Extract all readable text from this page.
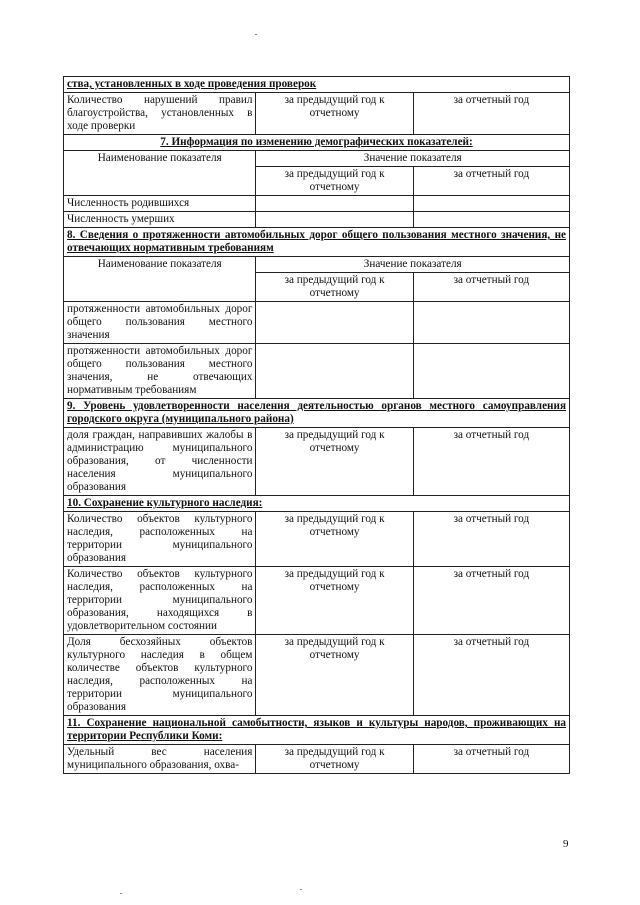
ства, установленных в ходе проведения проверок		
Количество нарушений правил благоустройства, установленных в ходе проверки	за предыдущий год к отчетному	за отчетный год
7. Информация по изменению демографических показателей:		
Наименование показателя	Значение показателя	
	за предыдущий год к отчетному	за отчетный год
Численность родившихся		
Численность умерших		
8. Сведения о протяженности автомобильных дорог общего пользования местного значения, не отвечающих нормативным требованиям		
Наименование показателя	Значение показателя	
	за предыдущий год к отчетному	за отчетный год
протяженности автомобильных дорог общего пользования местного значения		
протяженности автомобильных дорог общего пользования местного значения, не отвечающих нормативным требованиям		
9. Уровень удовлетворенности населения деятельностью органов местного самоуправления городского округа (муниципального района)		
доля граждан, направивших жалобы в администрацию муниципального образования, от численности населения муниципального образования	за предыдущий год к отчетному	за отчетный год
10. Сохранение культурного наследия:		
Количество объектов культурного наследия, расположенных на территории муниципального образования	за предыдущий год к отчетному	за отчетный год
Количество объектов культурного наследия, расположенных на территории муниципального образования, находящихся в удовлетворительном состоянии	за предыдущий год к отчетному	за отчетный год
Доля бесхозяйных объектов культурного наследия в общем количестве объектов культурного наследия, расположенных на территории муниципального образования	за предыдущий год к отчетному	за отчетный год
11. Сохранение национальной самобытности, языков и культуры народов, проживающих на территории Республики Коми:		
Удельный вес населения муниципального образования, охва-	за предыдущий год к отчетному	за отчетный год
9
